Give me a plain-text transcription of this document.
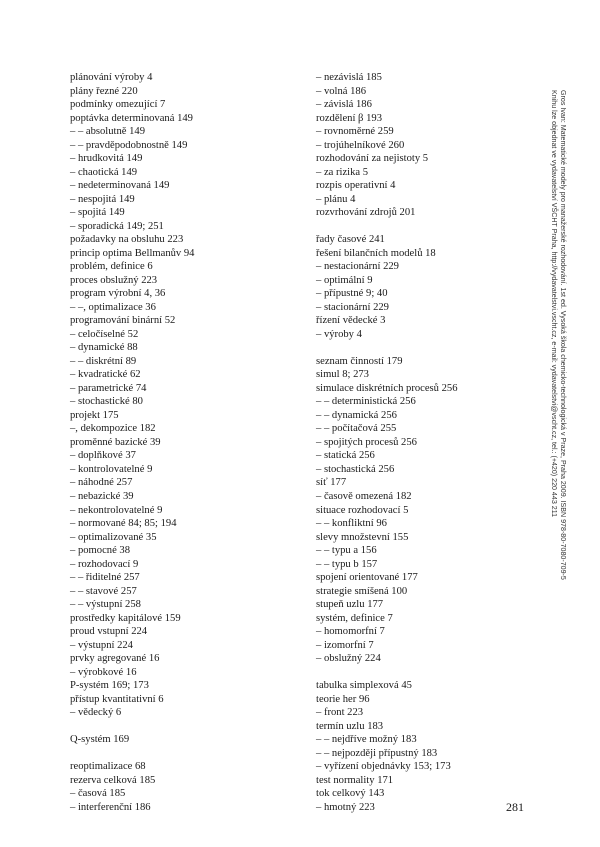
plánování výroby 4
plány řezné 220
podmínky omezující 7
poptávka determinovaná 149
– – absolutně 149
– – pravděpodobnostně 149
– hrudkovitá 149
– chaotická 149
– nedeterminovaná 149
– nespojitá 149
– spojitá 149
– sporadická 149; 251
požadavky na obsluhu 223
princip optima Bellmanův 94
problém, definice 6
proces obslužný 223
program výrobní 4, 36
– –, optimalizace 36
programování binární 52
– celočíselné 52
– dynamické 88
– – diskrétní 89
– kvadratické 62
– parametrické 74
– stochastické 80
projekt 175
–, dekompozice 182
proměnné bazické 39
– doplňkové 37
– kontrolovatelné 9
– náhodné 257
– nebazické 39
– nekontrolovatelné 9
– normované 84; 85; 194
– optimalizované 35
– pomocné 38
– rozhodovací 9
– – řiditelné 257
– – stavové 257
– – výstupní 258
prostředky kapitálové 159
proud vstupní 224
– výstupní 224
prvky agregované 16
– výrobkové 16
P-systém 169; 173
přístup kvantitativní 6
– vědecký 6
Q-systém 169
reoptimalizace 68
rezerva celková 185
– časová 185
– interferenční 186
– nezávislá 185
– volná 186
– závislá 186
rozdělení β 193
– rovnoměrné 259
– trojúhelníkové 260
rozhodování za nejistoty 5
– za rizika 5
rozpis operativní 4
– plánu 4
rozvrhování zdrojů 201
řady časové 241
řešení bilančních modelů 18
– nestacionární 229
– optimální 9
– přípustné 9; 40
– stacionární 229
řízení vědecké 3
– výroby 4
seznam činností 179
simul 8; 273
simulace diskrétních procesů 256
– – deterministická 256
– – dynamická 256
– – počítačová 255
– spojitých procesů 256
– statická 256
– stochastická 256
síť 177
– časově omezená 182
situace rozhodovací 5
– – konfliktní 96
slevy množstevní 155
– – typu a 156
– – typu b 157
spojení orientované 177
strategie smíšená 100
stupeň uzlu 177
systém, definice 7
– homomorfní 7
– izomorfní 7
– obslužný 224
tabulka simplexová 45
teorie her 96
– front 223
termín uzlu 183
– – nejdříve možný 183
– – nejpozději přípustný 183
– vyřízení objednávky 153; 173
test normality 171
tok celkový 143
– hmotný 223
Gros Ivan: Matematické modely pro manažerské rozhodování. 1st ed. Vysoká škola chemicko-technologická v Praze, Praha 2009. ISBN 978-80-7080-709-5
Knihu lze objednat ve vydavatelství VŠCHT Praha, http://vydavatelstvi.vscht.cz, e-mail: vydavatelstvi@vscht.cz, tel.: (+420) 220 443 211
281
